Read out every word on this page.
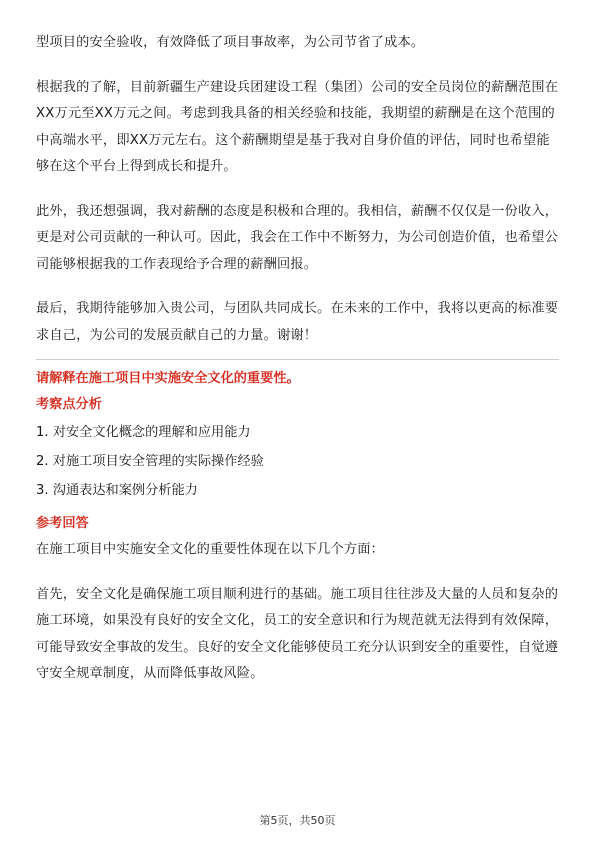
型项目的安全验收，有效降低了项目事故率，为公司节省了成本。

根据我的了解，目前新疆生产建设兵团建设工程（集团）公司的安全员岗位的薪酬范围在XX万元至XX万元之间。考虑到我具备的相关经验和技能，我期望的薪酬是在这个范围的中高端水平，即XX万元左右。这个薪酬期望是基于我对自身价值的评估，同时也希望能够在这个平台上得到成长和提升。

此外，我还想强调，我对薪酬的态度是积极和合理的。我相信，薪酬不仅仅是一份收入，更是对公司贡献的一种认可。因此，我会在工作中不断努力，为公司创造价值，也希望公司能够根据我的工作表现给予合理的薪酬回报。

最后，我期待能够加入贵公司，与团队共同成长。在未来的工作中，我将以更高的标准要求自己，为公司的发展贡献自己的力量。谢谢！

请解释在施工项目中实施安全文化的重要性。
考察点分析
1. 对安全文化概念的理解和应用能力
2. 对施工项目安全管理的实际操作经验
3. 沟通表达和案例分析能力
参考回答

在施工项目中实施安全文化的重要性体现在以下几个方面：

首先，安全文化是确保施工项目顺利进行的基础。施工项目往往涉及大量的人员和复杂的施工环境，如果没有良好的安全文化，员工的安全意识和行为规范就无法得到有效保障，可能导致安全事故的发生。良好的安全文化能够使员工充分认识到安全的重要性，自觉遵守安全规章制度，从而降低事故风险。

第5页，共50页
